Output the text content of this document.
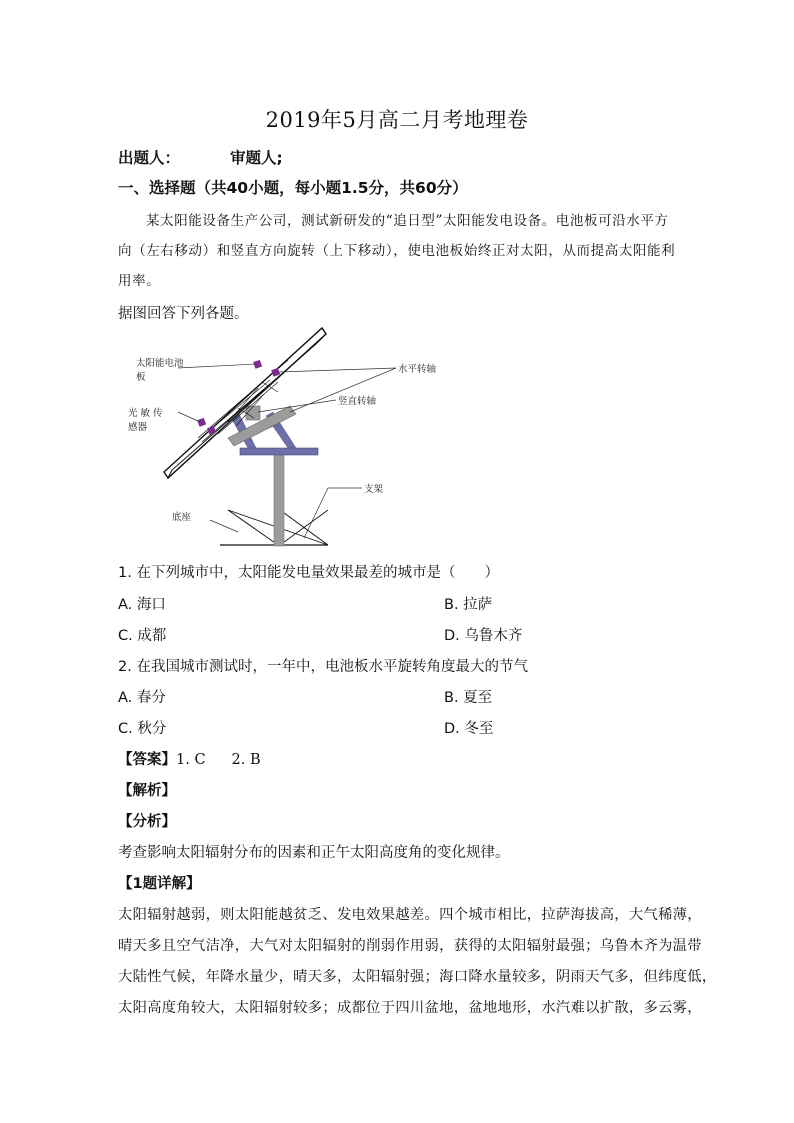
2019年5月高二月考地理卷
出题人：	审题人;
一、选择题（共40小题，每小题1.5分，共60分）
某太阳能设备生产公司，测试新研发的“追日型”太阳能发电设备。电池板可沿水平方
向（左右移动）和竖直方向旋转（上下移动），使电池板始终正对太阳，从而提高太阳能利
用率。
据图回答下列各题。
太阳能电池
板
光 敏 传
感器
水平转轴
竖直转轴
支架
底座
1. 在下列城市中，太阳能发电量效果最差的城市是（　　）
A. 海口	B. 拉萨
C. 成都	D. 乌鲁木齐
2. 在我国城市测试时，一年中，电池板水平旋转角度最大的节气
A. 春分	B. 夏至
C. 秋分	D. 冬至
【答案】1. C 2. B
【解析】
【分析】
考查影响太阳辐射分布的因素和正午太阳高度角的变化规律。
【1题详解】
太阳辐射越弱，则太阳能越贫乏、发电效果越差。四个城市相比，拉萨海拔高，大气稀薄，
晴天多且空气洁净，大气对太阳辐射的削弱作用弱，获得的太阳辐射最强；乌鲁木齐为温带
大陆性气候，年降水量少，晴天多，太阳辐射强；海口降水量较多，阴雨天气多，但纬度低，
太阳高度角较大，太阳辐射较多；成都位于四川盆地，盆地地形，水汽难以扩散，多云雾，
